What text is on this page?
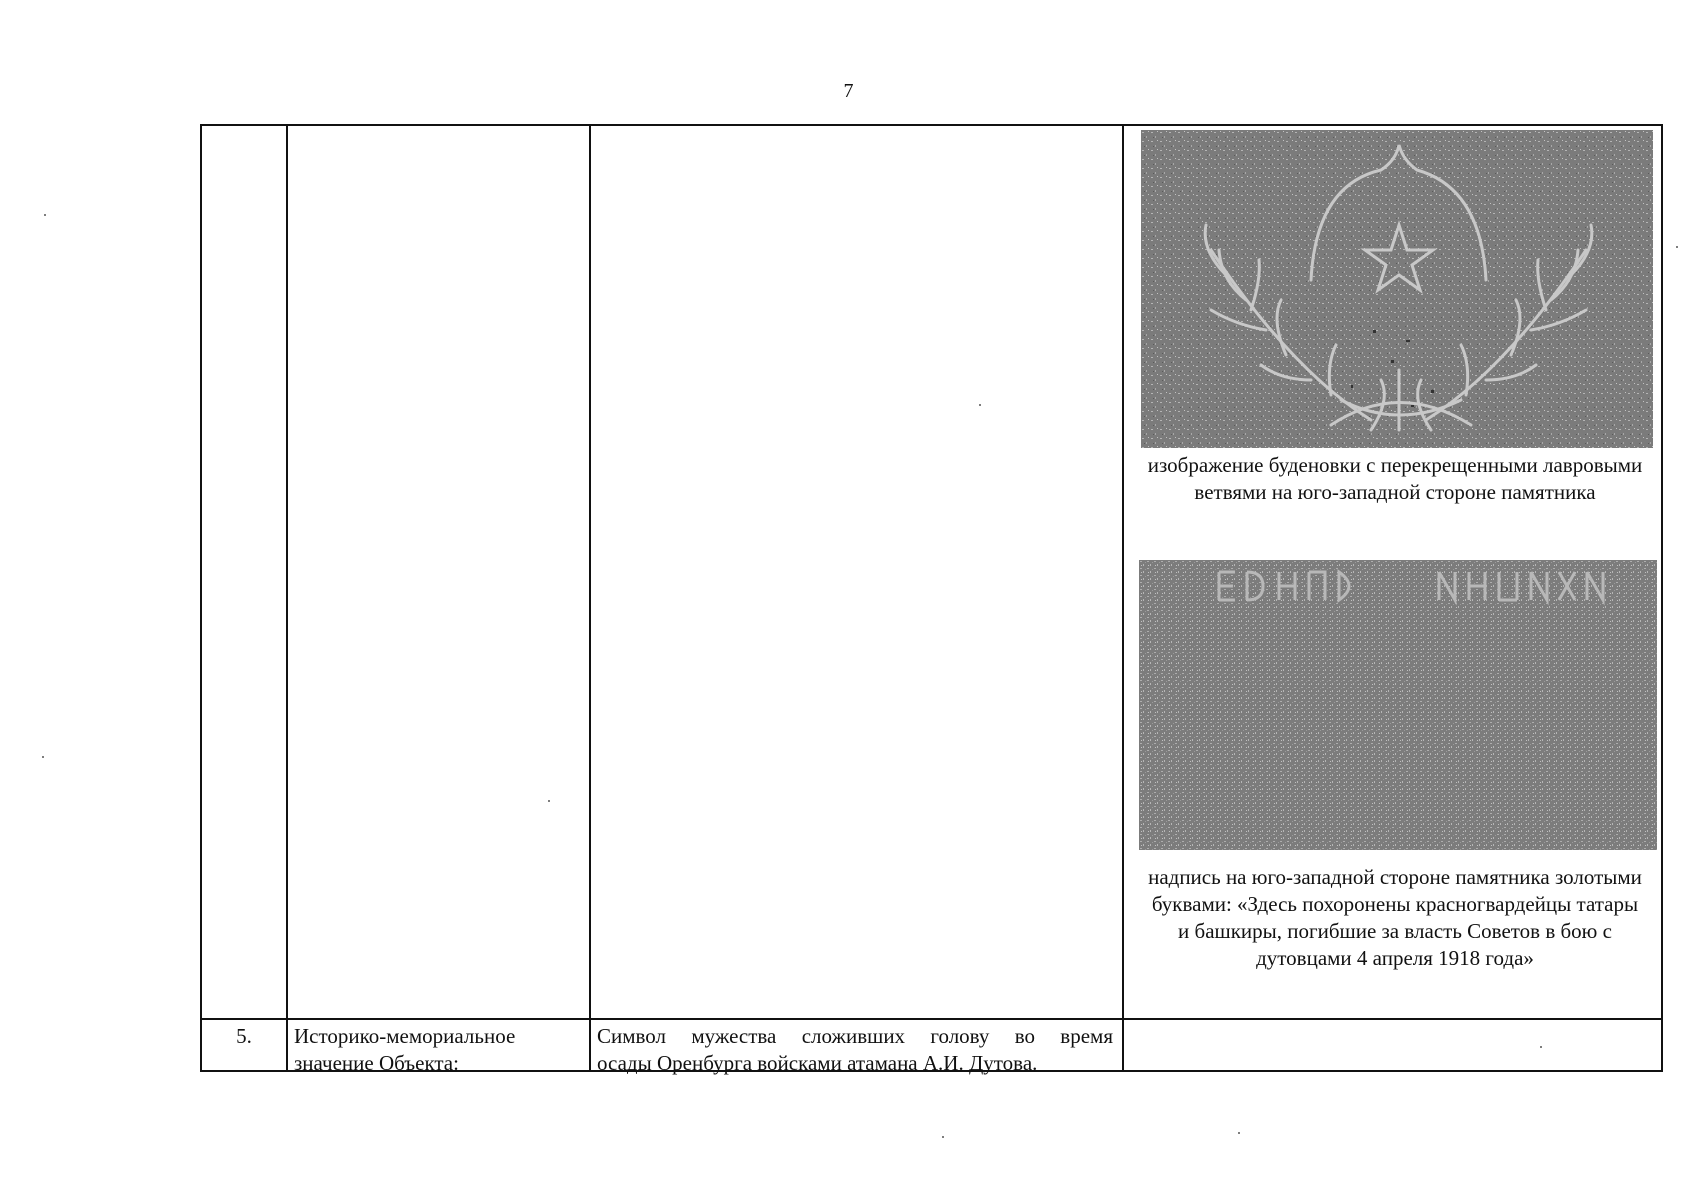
7
изображение буденовки с перекрещенными лавровыми ветвями на юго-западной стороне памятника
надпись на юго-западной стороне памятника золотыми буквами: «Здесь похоронены красногвардейцы татары и башкиры, погибшие за власть Советов в бою с дутовцами 4 апреля 1918 года»
5.	Историко-мемориальное
значение Объекта:
Символ мужества сложивших голову во время
осады Оренбурга войсками атамана А.И. Дутова.
